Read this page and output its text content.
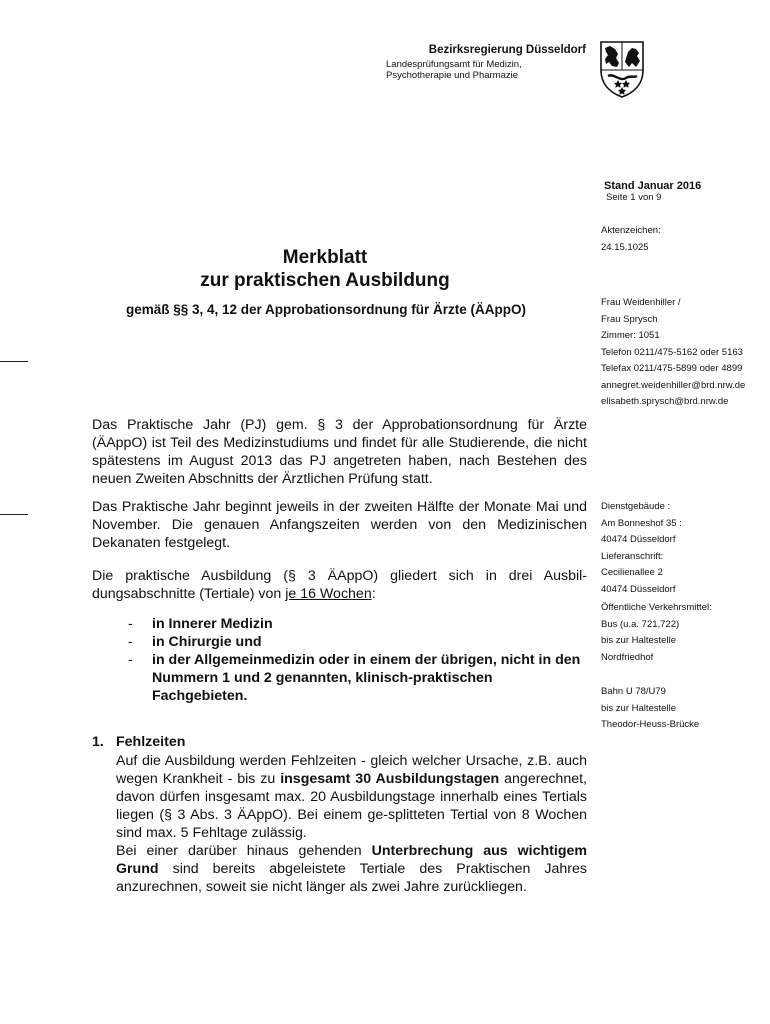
Bezirksregierung Düsseldorf
Landesprüfungsamt für Medizin,
Psychotherapie und Pharmazie
Stand Januar 2016
Seite 1 von 9
Aktenzeichen:
24.15.1025
Frau Weidenhiller /
Frau Sprysch
Zimmer: 1051
Telefon 0211/475-5162 oder 5163
Telefax 0211/475-5899 oder 4899
annegret.weidenhiller@brd.nrw.de
elisabeth.sprysch@brd.nrw.de
Dienstgebäude :
Am Bonneshof 35 :
40474 Düsseldorf
Lieferanschrift:
Cecilienallee 2
40474 Düsseldorf
Öffentliche Verkehrsmittel:
Bus (u.a. 721,722)
bis zur Haltestelle
Nordfriedhof
Bahn U 78/U79
bis zur Haltestelle
Theodor-Heuss-Brücke
Merkblatt
zur praktischen Ausbildung
gemäß §§ 3, 4, 12 der Approbationsordnung für Ärzte (ÄAppO)
Das Praktische Jahr (PJ) gem. § 3 der Approbationsordnung für Ärzte (ÄAppO) ist Teil des Medizinstudiums und findet für alle Studierende, die nicht spätestens im August 2013 das PJ angetreten haben, nach Bestehen des neuen Zweiten Abschnitts der Ärztlichen Prüfung statt.
Das Praktische Jahr beginnt jeweils in der zweiten Hälfte der Monate Mai und November. Die genauen Anfangszeiten werden von den Medizinischen Dekanaten festgelegt.
Die praktische Ausbildung (§ 3 ÄAppO) gliedert sich in drei Ausbil-dungsabschnitte (Tertiale) von je 16 Wochen:
- in Innerer Medizin
- in Chirurgie und
- in der Allgemeinmedizin oder in einem der übrigen, nicht in den Nummern 1 und 2 genannten, klinisch-praktischen Fachgebieten.
1. Fehlzeiten
Auf die Ausbildung werden Fehlzeiten - gleich welcher Ursache, z.B. auch wegen Krankheit - bis zu insgesamt 30 Ausbildungstagen angerechnet, davon dürfen insgesamt max. 20 Ausbildungstage innerhalb eines Tertials liegen (§ 3 Abs. 3 ÄAppO). Bei einem ge-splitteten Tertial von 8 Wochen sind max. 5 Fehltage zulässig.
Bei einer darüber hinaus gehenden Unterbrechung aus wichtigem Grund sind bereits abgeleistete Tertiale des Praktischen Jahres anzurechnen, soweit sie nicht länger als zwei Jahre zurückliegen.
